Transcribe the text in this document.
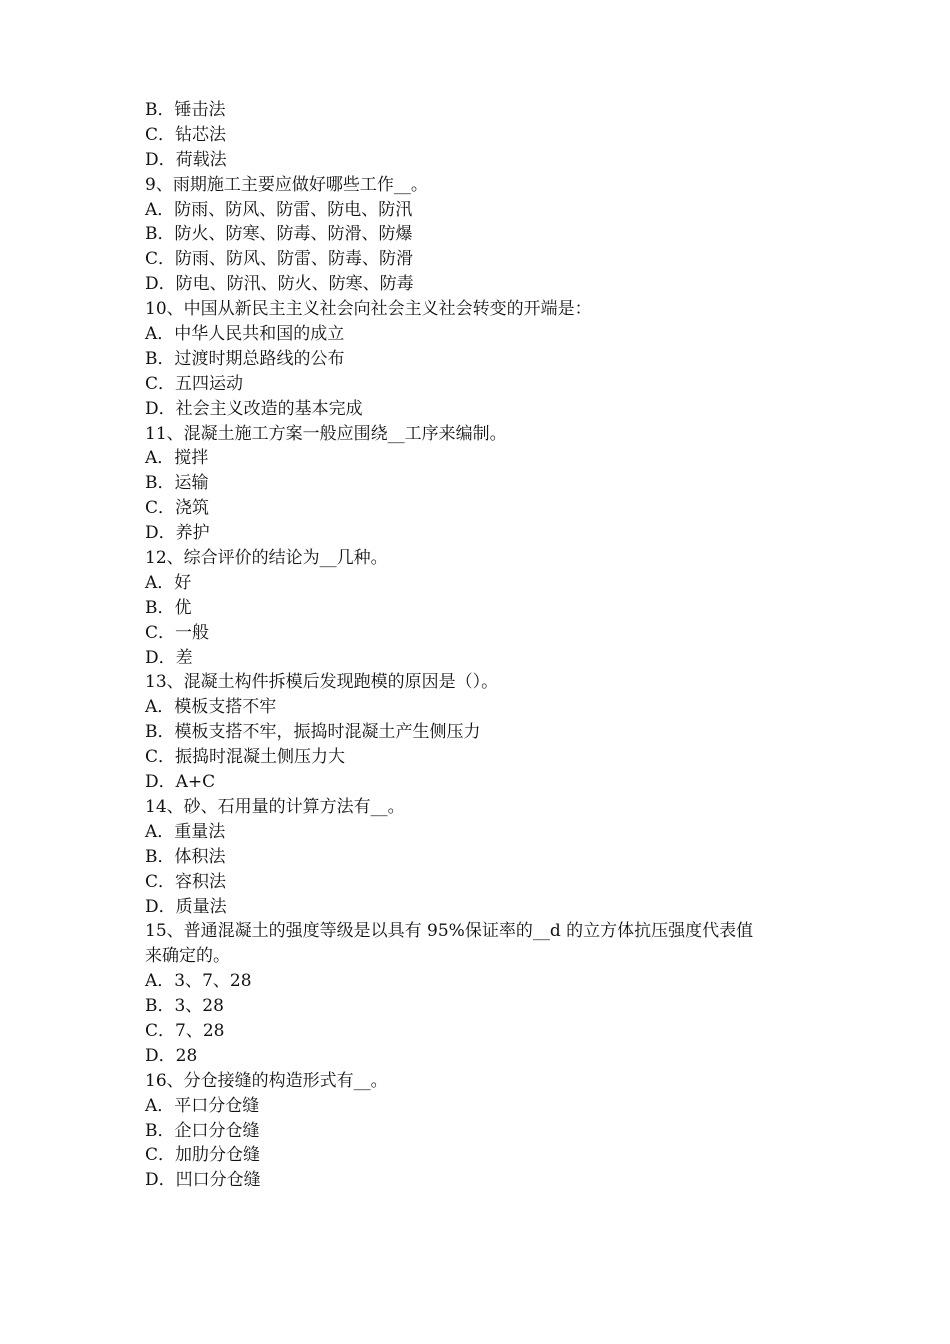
B．锤击法
C．钻芯法
D．荷载法
9、雨期施工主要应做好哪些工作__。
A．防雨、防风、防雷、防电、防汛
B．防火、防寒、防毒、防滑、防爆
C．防雨、防风、防雷、防毒、防滑
D．防电、防汛、防火、防寒、防毒
10、中国从新民主主义社会向社会主义社会转变的开端是：
A．中华人民共和国的成立
B．过渡时期总路线的公布
C．五四运动
D．社会主义改造的基本完成
11、混凝土施工方案一般应围绕__工序来编制。
A．搅拌
B．运输
C．浇筑
D．养护
12、综合评价的结论为__几种。
A．好
B．优
C．一般
D．差
13、混凝土构件拆模后发现跑模的原因是（）。
A．模板支搭不牢
B．模板支搭不牢，振捣时混凝土产生侧压力
C．振捣时混凝土侧压力大
D．A+C
14、砂、石用量的计算方法有__。
A．重量法
B．体积法
C．容积法
D．质量法
15、普通混凝土的强度等级是以具有 95%保证率的__d 的立方体抗压强度代表值
来确定的。
A．3、7、28
B．3、28
C．7、28
D．28
16、分仓接缝的构造形式有__。
A．平口分仓缝
B．企口分仓缝
C．加肋分仓缝
D．凹口分仓缝
